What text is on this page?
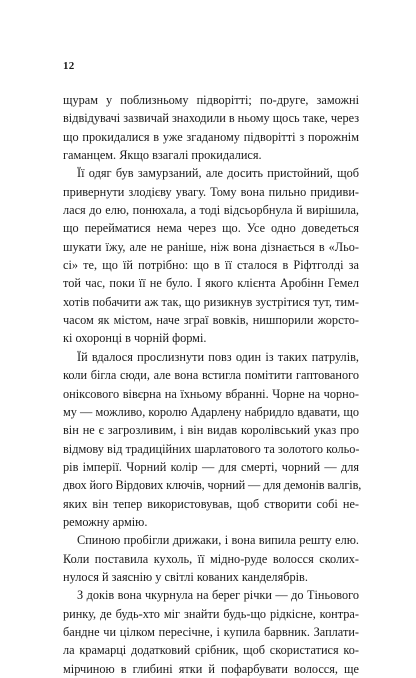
12
щурам у поблизньому підворітті; по-друге, заможні
відвідувачі зазвичай знаходили в ньому щось таке, через
що прокидалися в уже згаданому підворітті з порожнім
гаманцем. Якщо взагалі прокидалися.
Її одяг був замурзаний, але досить пристойний, щоб
привернути злодієву увагу. Тому вона пильно придиви-
лася до елю, понюхала, а тоді відсьорбнула й вирішила,
що перейматися нема через що. Усе одно доведеться
шукати їжу, але не раніше, ніж вона дізнається в «Льо-
сі» те, що їй потрібно: що в її сталося в Ріфтголді за
той час, поки її не було. І якого клієнта Аробінн Гемел
хотів побачити аж так, що ризикнув зустрітися тут, тим-
часом як містом, наче зграї вовків, нишпорили жорсто-
кі охоронці в чорній формі.
Їй вдалося прослизнути повз один із таких патрулів,
коли бігла сюди, але вона встигла помітити гаптованого
оніксового вівєрна на їхньому вбранні. Чорне на чорно-
му — можливо, королю Адарлену набридло вдавати, що
він не є загрозливим, і він видав королівський указ про
відмову від традиційних шарлатового та золотого кольо-
рів імперії. Чорний колір — для смерті, чорний — для
двох його Вірдових ключів, чорний — для демонів валгів,
яких він тепер використовував, щоб створити собі не-
реможну армію.
Спиною пробігли дрижаки, і вона випила решту елю.
Коли поставила кухоль, її мідно-руде волосся сколих-
нулося й заяснію у світлі кованих канделябрів.
З доків вона чкурнула на берег річки — до Тіньового
ринку, де будь-хто міг знайти будь-що рідкісне, контра-
бандне чи цілком пересічне, і купила барвник. Заплати-
ла крамарці додатковий срібник, щоб скористатися ко-
мірчиною в глибині ятки й пофарбувати волосся, ще
